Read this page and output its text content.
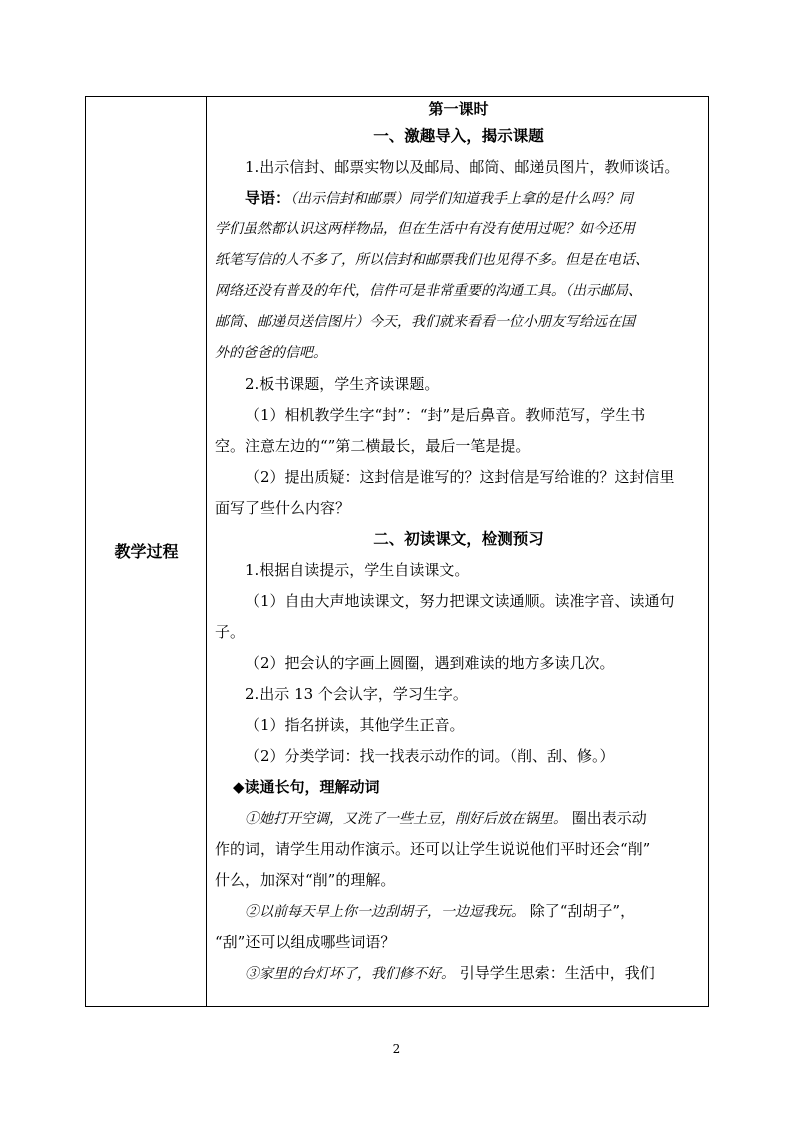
教学过程
第一课时
一、激趣导入，揭示课题
1.出示信封、邮票实物以及邮局、邮筒、邮递员图片，教师谈话。
导语：（出示信封和邮票）同学们知道我手上拿的是什么吗？同
学们虽然都认识这两样物品，但在生活中有没有使用过呢？如今还用
纸笔写信的人不多了，所以信封和邮票我们也见得不多。但是在电话、
网络还没有普及的年代，信件可是非常重要的沟通工具。（出示邮局、
邮筒、邮递员送信图片）今天，我们就来看看一位小朋友写给远在国
外的爸爸的信吧。
2.板书课题，学生齐读课题。
（1）相机教学生字“封”：“封”是后鼻音。教师范写，学生书
空。注意左边的“”第二横最长，最后一笔是提。
（2）提出质疑：这封信是谁写的？这封信是写给谁的？这封信里
面写了些什么内容？
二、初读课文，检测预习
1.根据自读提示，学生自读课文。
（1）自由大声地读课文，努力把课文读通顺。读准字音、读通句
子。
（2）把会认的字画上圆圈，遇到难读的地方多读几次。
2.出示 13 个会认字，学习生字。
（1）指名拼读，其他学生正音。
（2）分类学词：找一找表示动作的词。（削、刮、修。）
◆读通长句，理解动词
①她打开空调，又洗了一些土豆，削好后放在锅里。 圈出表示动
作的词，请学生用动作演示。还可以让学生说说他们平时还会“削”
什么，加深对“削”的理解。
②以前每天早上你一边刮胡子，一边逗我玩。 除了“刮胡子”，
“刮”还可以组成哪些词语？
③家里的台灯坏了，我们修不好。 引导学生思索：生活中，我们
2
